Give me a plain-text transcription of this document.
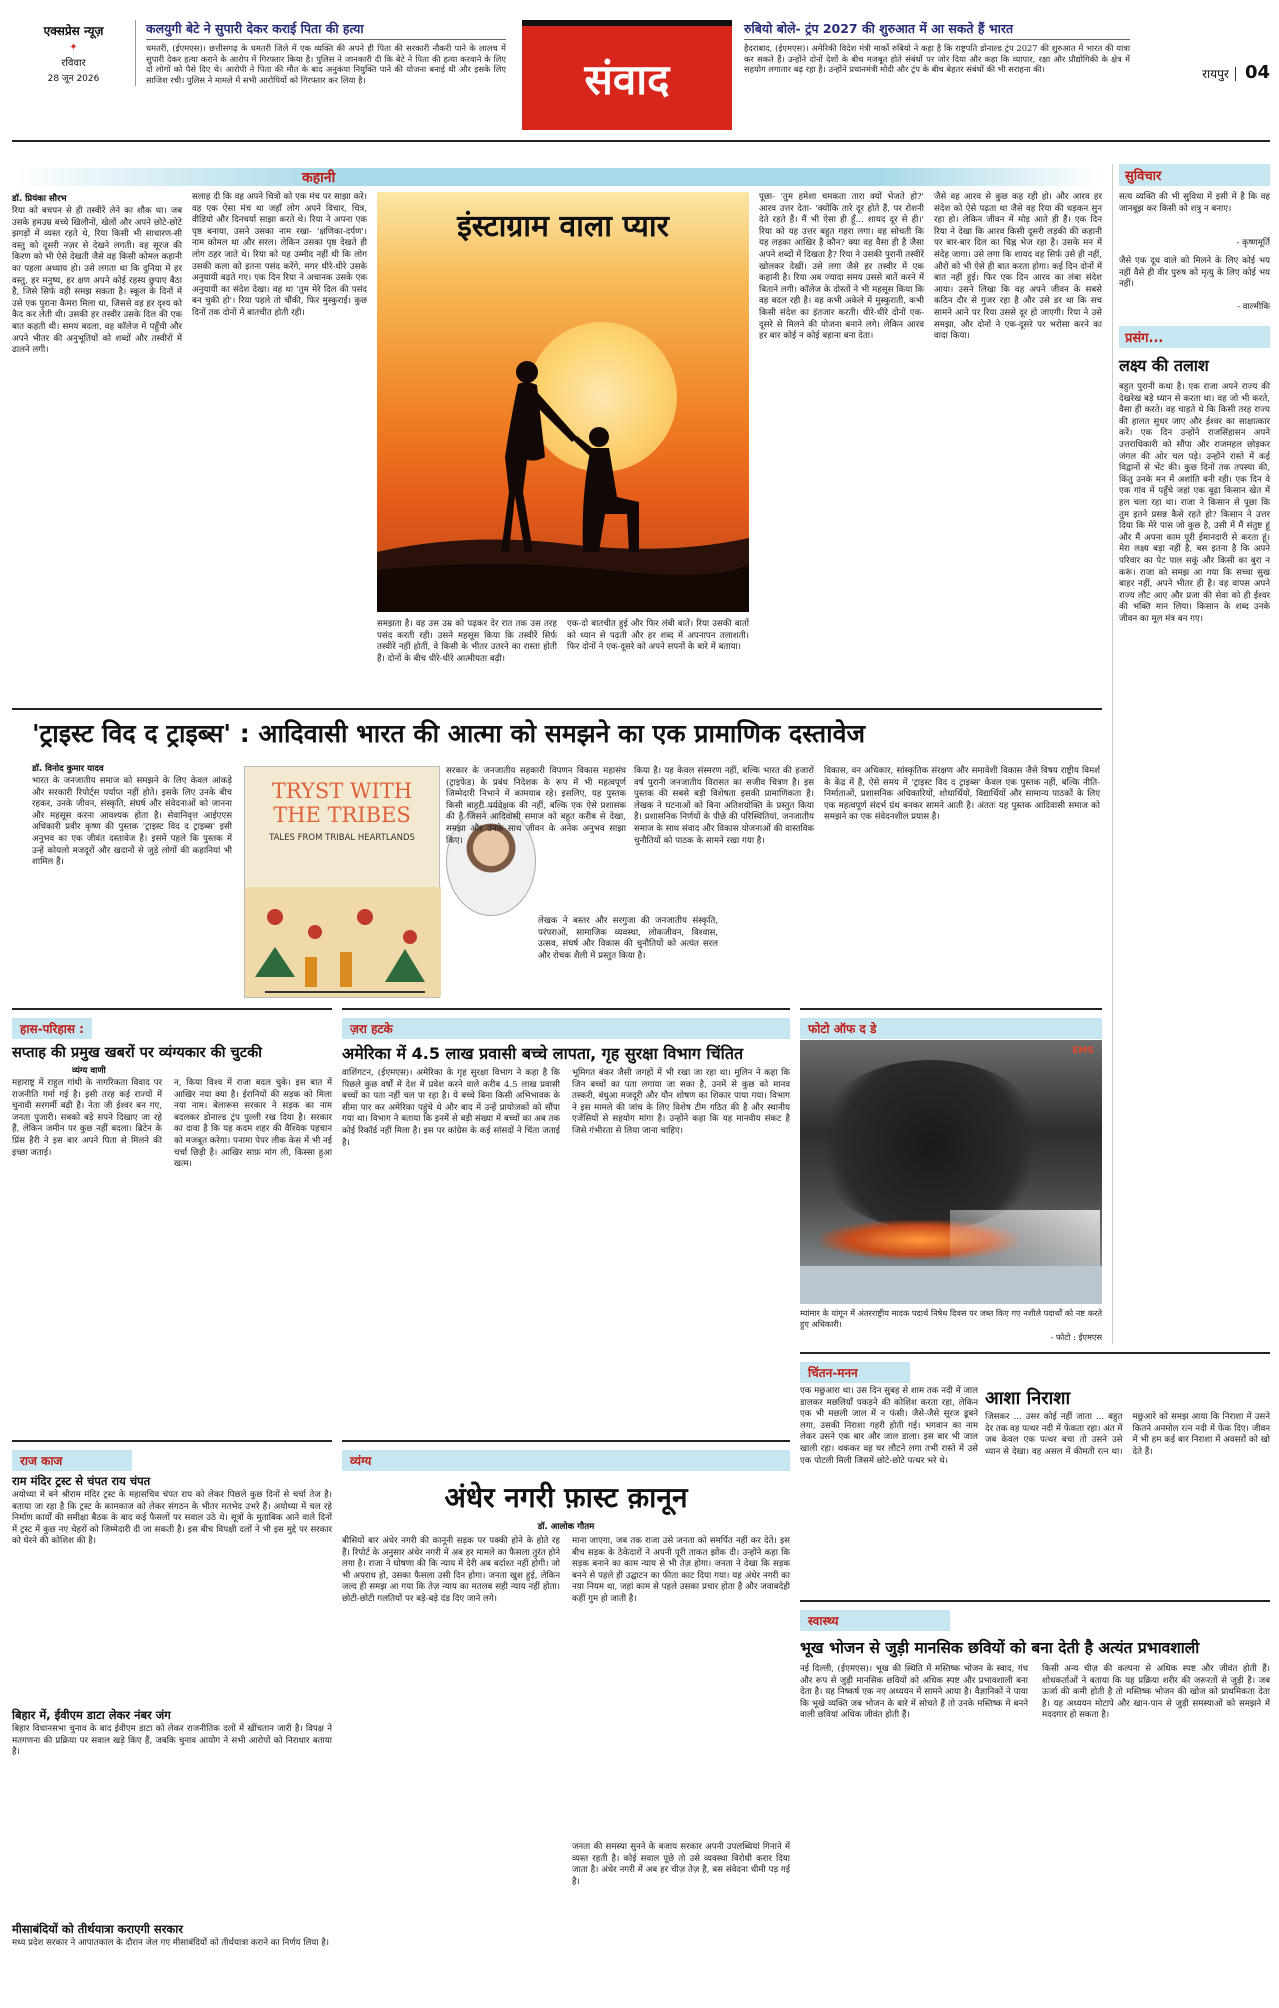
एक्सप्रेस न्यूज़
✦
रविवार
28 जून 2026
कलयुगी बेटे ने सुपारी देकर कराई पिता की हत्या
धमतरी, (ईएमएस)। छत्तीसगढ़ के धमतरी जिले में एक व्यक्ति की अपने ही पिता की सरकारी नौकरी पाने के लालच में सुपारी देकर हत्या कराने के आरोप में गिरफ्तार किया है। पुलिस ने जानकारी दी कि बेटे ने पिता की हत्या करवाने के लिए दो लोगों को पैसे दिए थे। आरोपी ने पिता की मौत के बाद अनुकंपा नियुक्ति पाने की योजना बनाई थी और इसके लिए साजिश रची। पुलिस ने मामले में सभी आरोपियों को गिरफ्तार कर लिया है।	संवाद
रुबियो बोले- ट्रंप 2027 की शुरुआत में आ सकते हैं भारत
हैदराबाद, (ईएमएस)। अमेरिकी विदेश मंत्री मार्को रुबियो ने कहा है कि राष्ट्रपति डोनाल्ड ट्रंप 2027 की शुरुआत में भारत की यात्रा कर सकते हैं। उन्होंने दोनों देशों के बीच मजबूत होते संबंधों पर जोर दिया और कहा कि व्यापार, रक्षा और प्रौद्योगिकी के क्षेत्र में सहयोग लगातार बढ़ रहा है। उन्होंने प्रधानमंत्री मोदी और ट्रंप के बीच बेहतर संबंधों की भी सराहना की।	रायपुर 04
कहानी
डॉ. प्रियंका सौरभ
रिया को बचपन से ही तस्वीरें लेने का शौक था। जब उसके हमउम्र बच्चे खिलौनों, खेलों और अपने छोटे-छोटे झगड़ों में व्यस्त रहते थे, रिया किसी भी साधारण-सी वस्तु को दूसरी नज़र से देखने लगती। वह सूरज की किरण को भी ऐसे देखती जैसे वह किसी कोमल कहानी का पहला अध्याय हो। उसे लगता था कि दुनिया में हर वस्तु, हर मनुष्य, हर क्षण अपने कोई रहस्य छुपाए बैठा है, जिसे सिर्फ वही समझ सकता है। स्कूल के दिनों में उसे एक पुराना कैमरा मिला था, जिससे वह हर दृश्य को कैद कर लेती थी। उसकी हर तस्वीर उसके दिल की एक बात कहती थी। समय बदला, वह कॉलेज में पहुँची और अपने भीतर की अनुभूतियों को शब्दों और तस्वीरों में ढालने लगी।
सलाह दी कि वह अपने चित्रों को एक मंच पर साझा करे। वह एक ऐसा मंच था जहाँ लोग अपने विचार, चित्र, वीडियो और दिनचर्या साझा करते थे। रिया ने अपना एक पृष्ठ बनाया, उसने उसका नाम रखा- 'क्षणिका-दर्पण'। नाम कोमल था और सरल। लेकिन उसका पृष्ठ देखते ही लोग ठहर जाते थे। रिया को यह उम्मीद नहीं थी कि लोग उसकी कला को इतना पसंद करेंगे, मगर धीरे-धीरे उसके अनुयायी बढ़ते गए। एक दिन रिया ने अचानक उसके एक अनुयायी का संदेश देखा। वह था 'तुम मेरे दिल की पसंद बन चुकी हो'। रिया पहले तो चौंकी, फिर मुस्कुराई। कुछ दिनों तक दोनों में बातचीत होती रही।
इंस्टाग्राम वाला प्यार
समझता है। वह उस उम्र को पढ़कर देर रात तक उस तरह पसंद करती रही। उसने महसूस किया कि तस्वीरें सिर्फ तस्वीरें नहीं होतीं, वे किसी के भीतर उतरने का रास्ता होती हैं। दोनों के बीच धीरे-धीरे आत्मीयता बढ़ी।
एक-दो बातचीत हुई और फिर लंबी बातें। रिया उसकी बातों को ध्यान से पढ़ती और हर शब्द में अपनापन तलाशती। फिर दोनों ने एक-दूसरे को अपने सपनों के बारे में बताया।
पूछा- 'तुम हमेशा चमकता तारा क्यों भेजते हो?' आरव उत्तर देता- 'क्योंकि तारे दूर होते हैं, पर रोशनी देते रहते हैं। मैं भी ऐसा ही हूँ... शायद दूर से ही।' रिया को यह उत्तर बहुत गहरा लगा। वह सोचती कि यह लड़का आखिर है कौन? क्या वह वैसा ही है जैसा अपने शब्दों में दिखता है? रिया ने उसकी पुरानी तस्वीरें खोलकर देखीं। उसे लगा जैसे हर तस्वीर में एक कहानी है। रिया अब ज्यादा समय उससे बातें करने में बिताने लगी। कॉलेज के दोस्तों ने भी महसूस किया कि वह बदल रही है। वह कभी अकेले में मुस्कुराती, कभी किसी संदेश का इंतजार करती। धीरे-धीरे दोनों एक-दूसरे से मिलने की योजना बनाने लगे। लेकिन आरव हर बार कोई न कोई बहाना बना देता।
जैसे वह आरव से कुछ कह रही हो। और आरव हर संदेश को ऐसे पढ़ता था जैसे वह रिया की धड़कन सुन रहा हो। लेकिन जीवन में मोड़ आते ही हैं। एक दिन रिया ने देखा कि आरव किसी दूसरी लड़की की कहानी पर बार-बार दिल का चिह्न भेज रहा है। उसके मन में संदेह जागा। उसे लगा कि शायद वह सिर्फ उसे ही नहीं, औरों को भी ऐसे ही बात करता होगा। कई दिन दोनों में बात नहीं हुई। फिर एक दिन आरव का लंबा संदेश आया। उसने लिखा कि वह अपने जीवन के सबसे कठिन दौर से गुजर रहा है और उसे डर था कि सच सामने आने पर रिया उससे दूर हो जाएगी। रिया ने उसे समझा, और दोनों ने एक-दूसरे पर भरोसा करने का वादा किया।
सुविचार
सत्य व्यक्ति की भी सुविधा में इसी में है कि वह जानबूझ कर किसी को शत्रु न बनाए।
- कृष्णमूर्ति
जैसे एक दूध वाले को मिलने के लिए कोई भय नहीं वैसे ही वीर पुरुष को मृत्यु के लिए कोई भय नहीं।
- वाल्मीकि
प्रसंग...
लक्ष्य की तलाश
बहुत पुरानी कथा है। एक राजा अपने राज्य की देखरेख बड़े ध्यान से करता था। वह जो भी करते, वैसा ही करते। वह चाहते थे कि किसी तरह राज्य की हालत सुधर जाए और ईश्वर का साक्षात्कार करें। एक दिन उन्होंने राजसिंहासन अपने उत्तराधिकारी को सौंपा और राजमहल छोड़कर जंगल की ओर चल पड़े। उन्होंने रास्ते में कई विद्वानों से भेंट की। कुछ दिनों तक तपस्या की, किंतु उनके मन में अशांति बनी रही। एक दिन वे एक गांव में पहुँचे जहां एक बूढ़ा किसान खेत में हल चला रहा था। राजा ने किसान से पूछा कि तुम इतने प्रसन्न कैसे रहते हो? किसान ने उत्तर दिया कि मेरे पास जो कुछ है, उसी में मैं संतुष्ट हूं और मैं अपना काम पूरी ईमानदारी से करता हूं। मेरा लक्ष्य बड़ा नहीं है, बस इतना है कि अपने परिवार का पेट पाल सकूं और किसी का बुरा न करूं। राजा को समझ आ गया कि सच्चा सुख बाहर नहीं, अपने भीतर ही है। वह वापस अपने राज्य लौट आए और प्रजा की सेवा को ही ईश्वर की भक्ति मान लिया। किसान के शब्द उनके जीवन का मूल मंत्र बन गए।
'ट्राइस्ट विद द ट्राइब्स' : आदिवासी भारत की आत्मा को समझने का एक प्रामाणिक दस्तावेज
डॉ. विनोद कुमार यादव
भारत के जनजातीय समाज को समझने के लिए केवल आंकड़े और सरकारी रिपोर्ट्स पर्याप्त नहीं होते। इसके लिए उनके बीच रहकर, उनके जीवन, संस्कृति, संघर्ष और संवेदनाओं को जानना और महसूस करना आवश्यक होता है। सेवानिवृत्त आईएएस अधिकारी प्रवीर कृष्ण की पुस्तक 'ट्राइस्ट विद द ट्राइब्स' इसी अनुभव का एक जीवंत दस्तावेज है। इसमें पहले कि पुस्तक में उन्हें कोयलो मजदूरों और खदानों से जुड़े लोगों की कहानियां भी शामिल हैं।
TRYST WITH THE TRIBES
TALES FROM TRIBAL HEARTLANDS
सरकार के जनजातीय सहकारी विपणन विकास महासंघ (ट्राइफेड) के प्रबंध निदेशक के रूप में भी महत्वपूर्ण जिम्मेदारी निभाने में कामयाब रहे। इसलिए, यह पुस्तक किसी बाहरी पर्यवेक्षक की नहीं, बल्कि एक ऐसे प्रशासक की है जिसने आदिवासी समाज को बहुत करीब से देखा, समझा और उनके साथ जीवन के अनेक अनुभव साझा किए।
लेखक ने बस्तर और सरगुजा की जनजातीय संस्कृति, परंपराओं, सामाजिक व्यवस्था, लोकजीवन, विश्वास, उत्सव, संघर्ष और विकास की चुनौतियों को अत्यंत सरल और रोचक शैली में प्रस्तुत किया है।
किया है। यह केवल संस्मरण नहीं, बल्कि भारत की हजारों वर्ष पुरानी जनजातीय विरासत का सजीव चित्रण है। इस पुस्तक की सबसे बड़ी विशेषता इसकी प्रामाणिकता है। लेखक ने घटनाओं को बिना अतिशयोक्ति के प्रस्तुत किया है। प्रशासनिक निर्णयों के पीछे की परिस्थितियां, जनजातीय समाज के साथ संवाद और विकास योजनाओं की वास्तविक चुनौतियों को पाठक के सामने रखा गया है।
विकास, वन अधिकार, सांस्कृतिक संरक्षण और समावेशी विकास जैसे विषय राष्ट्रीय विमर्श के केंद्र में हैं, ऐसे समय में 'ट्राइस्ट विद द ट्राइब्स' केवल एक पुस्तक नहीं, बल्कि नीति-निर्माताओं, प्रशासनिक अधिकारियों, शोधार्थियों, विद्यार्थियों और सामान्य पाठकों के लिए एक महत्वपूर्ण संदर्भ ग्रंथ बनकर सामने आती है। अंततः यह पुस्तक आदिवासी समाज को समझने का एक संवेदनशील प्रयास है।
हास-परिहास :
सप्ताह की प्रमुख खबरों पर व्यंग्यकार की चुटकी
व्यंग्य वाणी
महाराष्ट्र में राहुल गांधी के नागरिकता विवाद पर राजनीति गर्मा गई है। इसी तरह कई राज्यों में चुनावी सरगर्मी बढ़ी है। नेता जी ईश्वर बन गए, जनता पुजारी। सबको बड़े सपने दिखाए जा रहे हैं, लेकिन जमीन पर कुछ नहीं बदला। ब्रिटेन के प्रिंस हैरी ने इस बार अपने पिता से मिलने की इच्छा जताई।
न, किया विश्व में राजा बदल चुके। इस बात में आखिर नया क्या है। ईरानियों की सड़क को मिला नया नाम। बेलारूस सरकार ने सड़क का नाम बदलकर डोनाल्ड ट्रंप पुल्ली रख दिया है। सरकार का दावा है कि यह कदम शहर की वैश्विक पहचान को मजबूत करेगा। पनामा पेपर लीक केस में भी नई चर्चा छिड़ी है। आखिर साफ़ मांग ली, किस्सा हुआ खत्म।
ज़रा हटके
अमेरिका में 4.5 लाख प्रवासी बच्चे लापता, गृह सुरक्षा विभाग चिंतित
वाशिंगटन, (ईएमएस)। अमेरिका के गृह सुरक्षा विभाग ने कहा है कि पिछले कुछ वर्षों में देश में प्रवेश करने वाले करीब 4.5 लाख प्रवासी बच्चों का पता नहीं चल पा रहा है। ये बच्चे बिना किसी अभिभावक के सीमा पार कर अमेरिका पहुंचे थे और बाद में उन्हें प्रायोजकों को सौंपा गया था। विभाग ने बताया कि इनमें से बड़ी संख्या में बच्चों का अब तक कोई रिकॉर्ड नहीं मिला है। इस पर कांग्रेस के कई सांसदों ने चिंता जताई है।
भूमिगत बंकर जैसी जगहों में भी रखा जा रहा था। मुलिन ने कहा कि जिन बच्चों का पता लगाया जा सका है, उनमें से कुछ को मानव तस्करी, बंधुआ मजदूरी और यौन शोषण का शिकार पाया गया। विभाग ने इस मामले की जांच के लिए विशेष टीम गठित की है और स्थानीय एजेंसियों से सहयोग मांगा है। उन्होंने कहा कि यह मानवीय संकट है जिसे गंभीरता से लिया जाना चाहिए।
फोटो ऑफ द डे
EMS
म्यांमार के यांगून में अंतरराष्ट्रीय मादक पदार्थ निषेध दिवस पर जब्त किए गए नशीले पदार्थों को नष्ट करते हुए अधिकारी।
- फोटो : ईएमएस
चिंतन-मनन
आशा निराशा
एक मछुआरा था। उस दिन सुबह से शाम तक नदी में जाल डालकर मछलियाँ पकड़ने की कोशिश करता रहा, लेकिन एक भी मछली जाल में न फंसी। जैसे-जैसे सूरज डूबने लगा, उसकी निराशा गहरी होती गई। भगवान का नाम लेकर उसने एक बार और जाल डाला। इस बार भी जाल खाली रहा। थककर वह घर लौटने लगा तभी रास्ते में उसे एक पोटली मिली जिसमें छोटे-छोटे पत्थर भरे थे।
जिसकर ... उसर कोई नहीं जाता ... बहुत देर तक वह पत्थर नदी में फेंकता रहा। अंत में जब केवल एक पत्थर बचा तो उसने उसे ध्यान से देखा। वह असल में कीमती रत्न था। मछुआरे को समझ आया कि निराशा में उसने कितने अनमोल रत्न नदी में फेंक दिए। जीवन में भी हम कई बार निराशा में अवसरों को खो देते हैं।
राज काज
राम मंदिर ट्रस्ट से चंपत राय चंपत
अयोध्या में बने श्रीराम मंदिर ट्रस्ट के महासचिव चंपत राय को लेकर पिछले कुछ दिनों से चर्चा तेज है। बताया जा रहा है कि ट्रस्ट के कामकाज को लेकर संगठन के भीतर मतभेद उभरे हैं। अयोध्या में चल रहे निर्माण कार्यों की समीक्षा बैठक के बाद कई फैसलों पर सवाल उठे थे। सूत्रों के मुताबिक आने वाले दिनों में ट्रस्ट में कुछ नए चेहरों को जिम्मेदारी दी जा सकती है। इस बीच विपक्षी दलों ने भी इस मुद्दे पर सरकार को घेरने की कोशिश की है।
बिहार में, ईवीएम डाटा लेकर नंबर जंग
बिहार विधानसभा चुनाव के बाद ईवीएम डाटा को लेकर राजनीतिक दलों में खींचतान जारी है। विपक्ष ने मतगणना की प्रक्रिया पर सवाल खड़े किए हैं, जबकि चुनाव आयोग ने सभी आरोपों को निराधार बताया है।
मीसाबंदियों को तीर्थयात्रा कराएगी सरकार
मध्य प्रदेश सरकार ने आपातकाल के दौरान जेल गए मीसाबंदियों को तीर्थयात्रा कराने का निर्णय लिया है।
व्यंग्य
अंधेर नगरी फ़ास्ट क़ानून
डॉ. आलोक गौतम
बीसियों बार अंधेर नगरी की कानूनी सड़क पर पक्की होने के होते रह हैं। रिपोर्ट के अनुसार अंधेर नगरी में अब हर मामले का फैसला तुरंत होने लगा है। राजा ने घोषणा की कि न्याय में देरी अब बर्दाश्त नहीं होगी। जो भी अपराध हो, उसका फैसला उसी दिन होगा। जनता खुश हुई, लेकिन जल्द ही समझ आ गया कि तेज़ न्याय का मतलब सही न्याय नहीं होता। छोटी-छोटी गलतियों पर बड़े-बड़े दंड दिए जाने लगे।
माना जाएगा, जब तक राजा उसे जनता को समर्पित नहीं कर देते। इस बीच सड़क के ठेकेदारों ने अपनी पूरी ताकत झोंक दी। उन्होंने कहा कि सड़क बनाने का काम न्याय से भी तेज़ होगा। जनता ने देखा कि सड़क बनने से पहले ही उद्घाटन का फीता काट दिया गया। यह अंधेर नगरी का नया नियम था, जहां काम से पहले उसका प्रचार होता है और जवाबदेही कहीं गुम हो जाती है।
जनता की समस्या सुनने के बजाय सरकार अपनी उपलब्धियां गिनाने में व्यस्त रहती है। कोई सवाल पूछे तो उसे व्यवस्था विरोधी करार दिया जाता है। अंधेर नगरी में अब हर चीज़ तेज़ है, बस संवेदना धीमी पड़ गई है।
स्वास्थ्य
भूख भोजन से जुड़ी मानसिक छवियों को बना देती है अत्यंत प्रभावशाली
नई दिल्ली, (ईएमएस)। भूख की स्थिति में मस्तिष्क भोजन के स्वाद, गंध और रूप से जुड़ी मानसिक छवियों को अधिक स्पष्ट और प्रभावशाली बना देता है। यह निष्कर्ष एक नए अध्ययन में सामने आया है। वैज्ञानिकों ने पाया कि भूखे व्यक्ति जब भोजन के बारे में सोचते हैं तो उनके मस्तिष्क में बनने वाली छवियां अधिक जीवंत होती हैं।
किसी अन्य चीज़ की कल्पना से अधिक स्पष्ट और जीवंत होती हैं। शोधकर्ताओं ने बताया कि यह प्रक्रिया शरीर की जरूरतों से जुड़ी है। जब ऊर्जा की कमी होती है तो मस्तिष्क भोजन की खोज को प्राथमिकता देता है। यह अध्ययन मोटापे और खान-पान से जुड़ी समस्याओं को समझने में मददगार हो सकता है।
